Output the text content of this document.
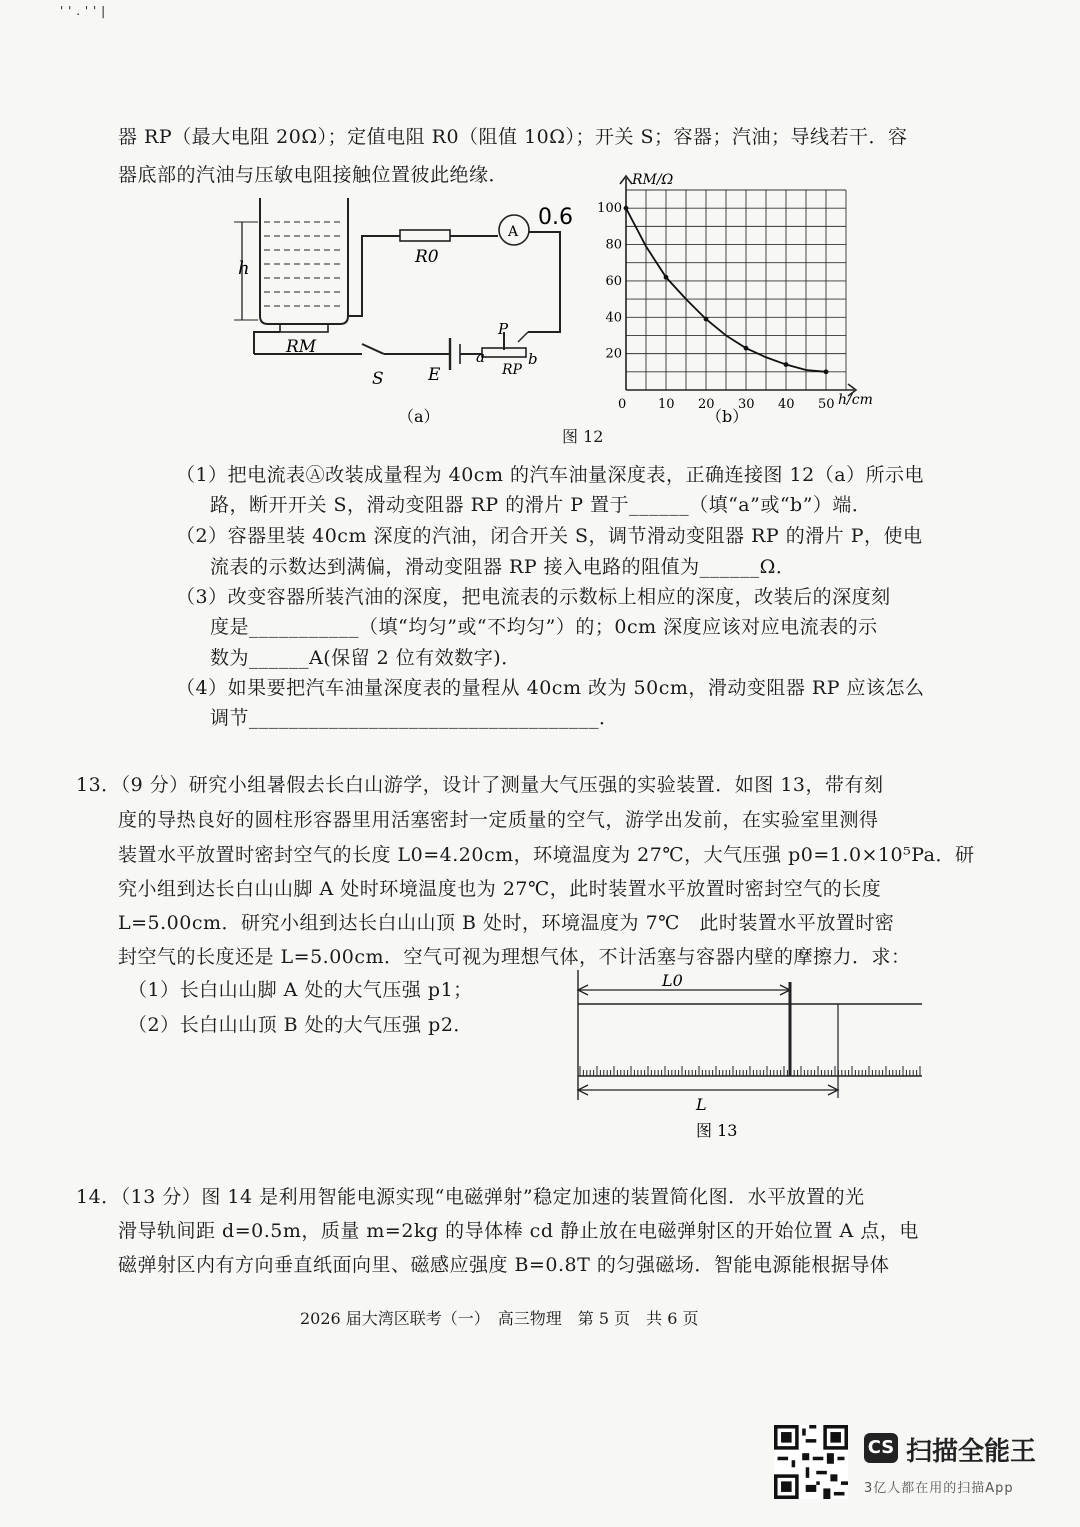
' ' . ' ' |
器 RP（最大电阻 20Ω）；定值电阻 R0（阻值 10Ω）；开关 S；容器；汽油；导线若干．容
器底部的汽油与压敏电阻接触位置彼此绝缘．
h
R0
A
0.6
RM
S	E
P
a	b
RP
（a）
0 10 20 30 40 50
20
40
60
80
100
RM/Ω
h/cm
（b）
图 12
（1）把电流表Ⓐ改装成量程为 40cm 的汽车油量深度表，正确连接图 12（a）所示电
路，断开开关 S，滑动变阻器 RP 的滑片 P 置于______（填“a”或“b”）端．
（2）容器里装 40cm 深度的汽油，闭合开关 S，调节滑动变阻器 RP 的滑片 P，使电
流表的示数达到满偏，滑动变阻器 RP 接入电路的阻值为______Ω．
（3）改变容器所装汽油的深度，把电流表的示数标上相应的深度，改装后的深度刻
度是___________（填“均匀”或“不均匀”）的；0cm 深度应该对应电流表的示
数为______A(保留 2 位有效数字)．
（4）如果要把汽车油量深度表的量程从 40cm 改为 50cm，滑动变阻器 RP 应该怎么
调节___________________________________．
13．（9 分）研究小组暑假去长白山游学，设计了测量大气压强的实验装置．如图 13，带有刻
度的导热良好的圆柱形容器里用活塞密封一定质量的空气，游学出发前，在实验室里测得
装置水平放置时密封空气的长度 L0=4.20cm，环境温度为 27℃，大气压强 p0=1.0×10⁵Pa．研
究小组到达长白山山脚 A 处时环境温度也为 27℃，此时装置水平放置时密封空气的长度
L=5.00cm．研究小组到达长白山山顶 B 处时，环境温度为 7℃　此时装置水平放置时密
封空气的长度还是 L=5.00cm．空气可视为理想气体，不计活塞与容器内壁的摩擦力．求：
（1）长白山山脚 A 处的大气压强 p1；
（2）长白山山顶 B 处的大气压强 p2．
L0
L
图 13
14．（13 分）图 14 是利用智能电源实现“电磁弹射”稳定加速的装置简化图．水平放置的光
滑导轨间距 d=0.5m，质量 m=2kg 的导体棒 cd 静止放在电磁弹射区的开始位置 A 点，电
磁弹射区内有方向垂直纸面向里、磁感应强度 B=0.8T 的匀强磁场．智能电源能根据导体
2026 届大湾区联考（一）　高三物理　第 5 页　共 6 页
CS 扫描全能王
3亿人都在用的扫描App
